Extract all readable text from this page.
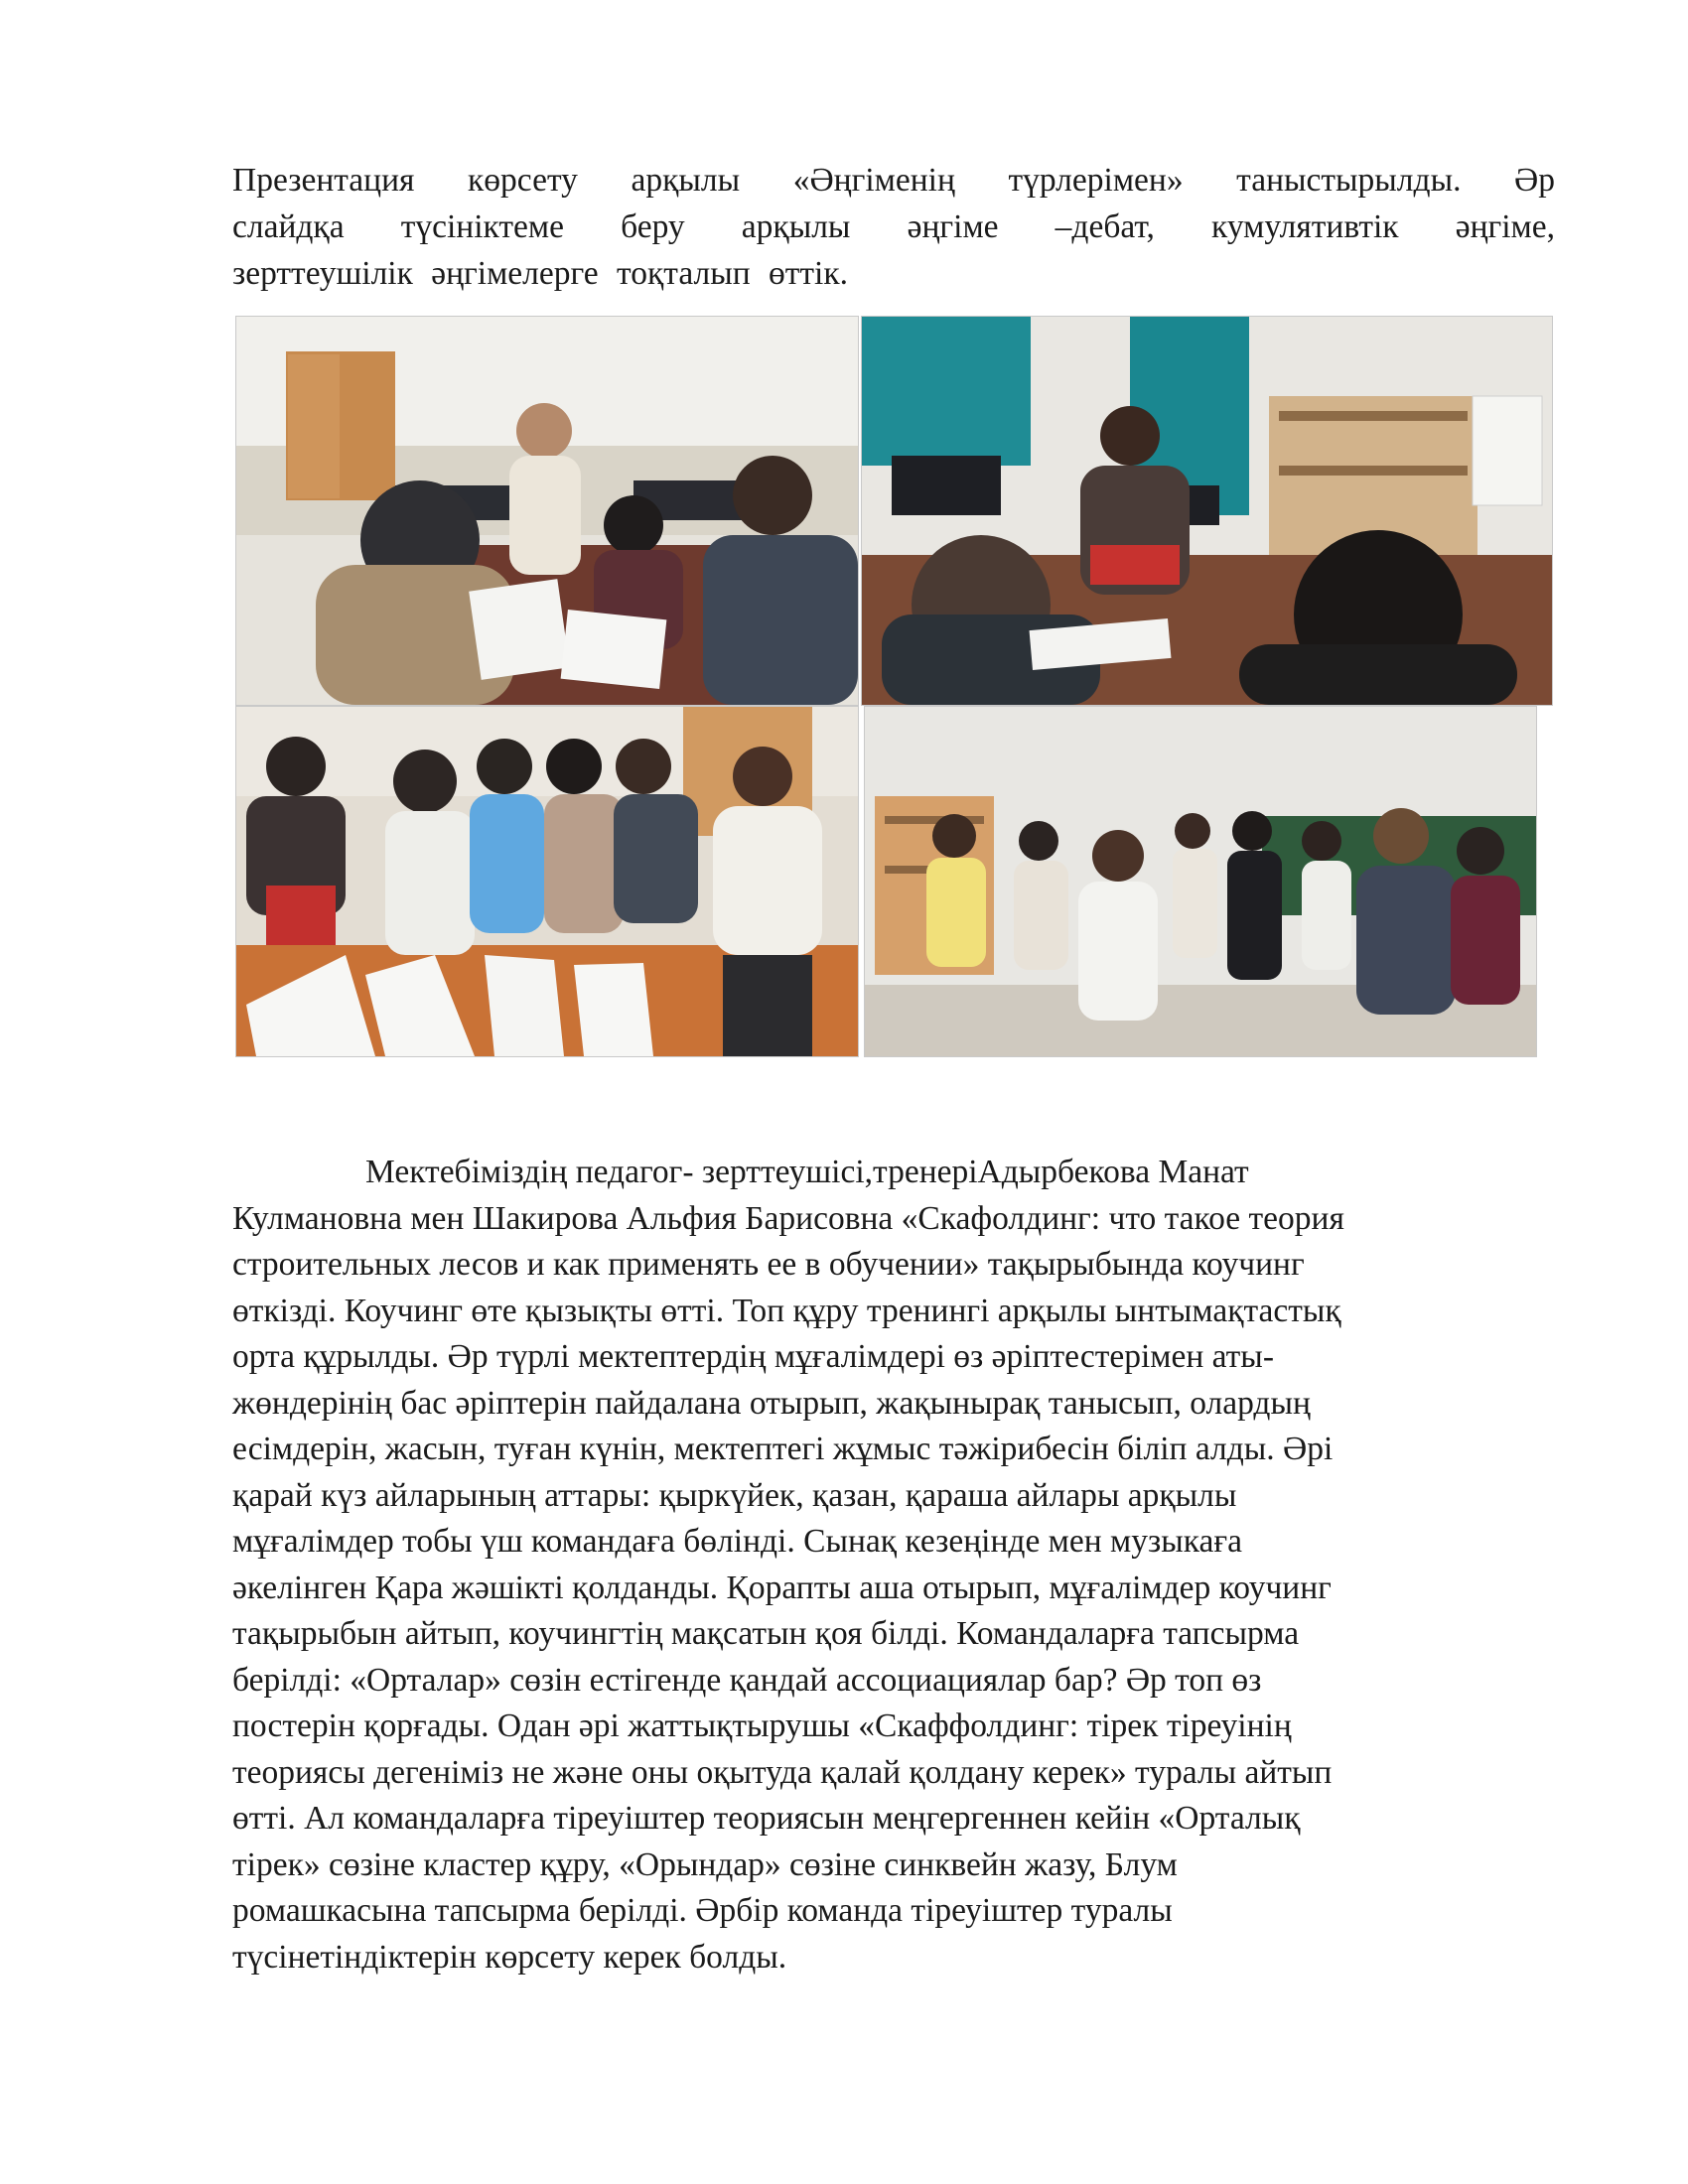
Презентация көрсету арқылы «Әңгіменің түрлерімен» таныстырылды. Әр
слайдқа түсініктеме беру арқылы әңгіме –дебат, кумулятивтік әңгіме,
зерттеушілік әңгімелерге тоқталып өттік.
Мектебіміздің педагог- зерттеушісі,тренеріАдырбекова Манат
Кулмановна мен Шакирова Альфия Барисовна «Скафолдинг: что такое теория
строительных лесов и как применять ее в обучении» тақырыбында коучинг
өткізді. Коучинг өте қызықты өтті. Топ құру тренингі арқылы ынтымақтастық
орта құрылды. Әр түрлі мектептердің мұғалімдері өз әріптестерімен аты-
жөндерінің бас әріптерін пайдалана отырып, жақынырақ танысып, олардың
есімдерін, жасын, туған күнін, мектептегі жұмыс тәжірибесін біліп алды. Әрі
қарай күз айларының аттары: қыркүйек, қазан, қараша айлары арқылы
мұғалімдер тобы үш командаға бөлінді. Сынақ кезеңінде мен музыкаға
әкелінген Қара жәшікті қолданды. Қорапты аша отырып, мұғалімдер коучинг
тақырыбын айтып, коучингтің мақсатын қоя білді. Командаларға тапсырма
берілді: «Орталар» сөзін естігенде қандай ассоциациялар бар? Әр топ өз
постерін қорғады. Одан әрі жаттықтырушы «Скаффолдинг: тірек тіреуінің
теориясы дегеніміз не және оны оқытуда қалай қолдану керек» туралы айтып
өтті. Ал командаларға тіреуіштер теориясын меңгергеннен кейін «Орталық
тірек» сөзіне кластер құру, «Орындар» сөзіне синквейн жазу, Блум
ромашкасына тапсырма берілді. Әрбір команда тіреуіштер туралы
түсінетіндіктерін көрсету керек болды.
